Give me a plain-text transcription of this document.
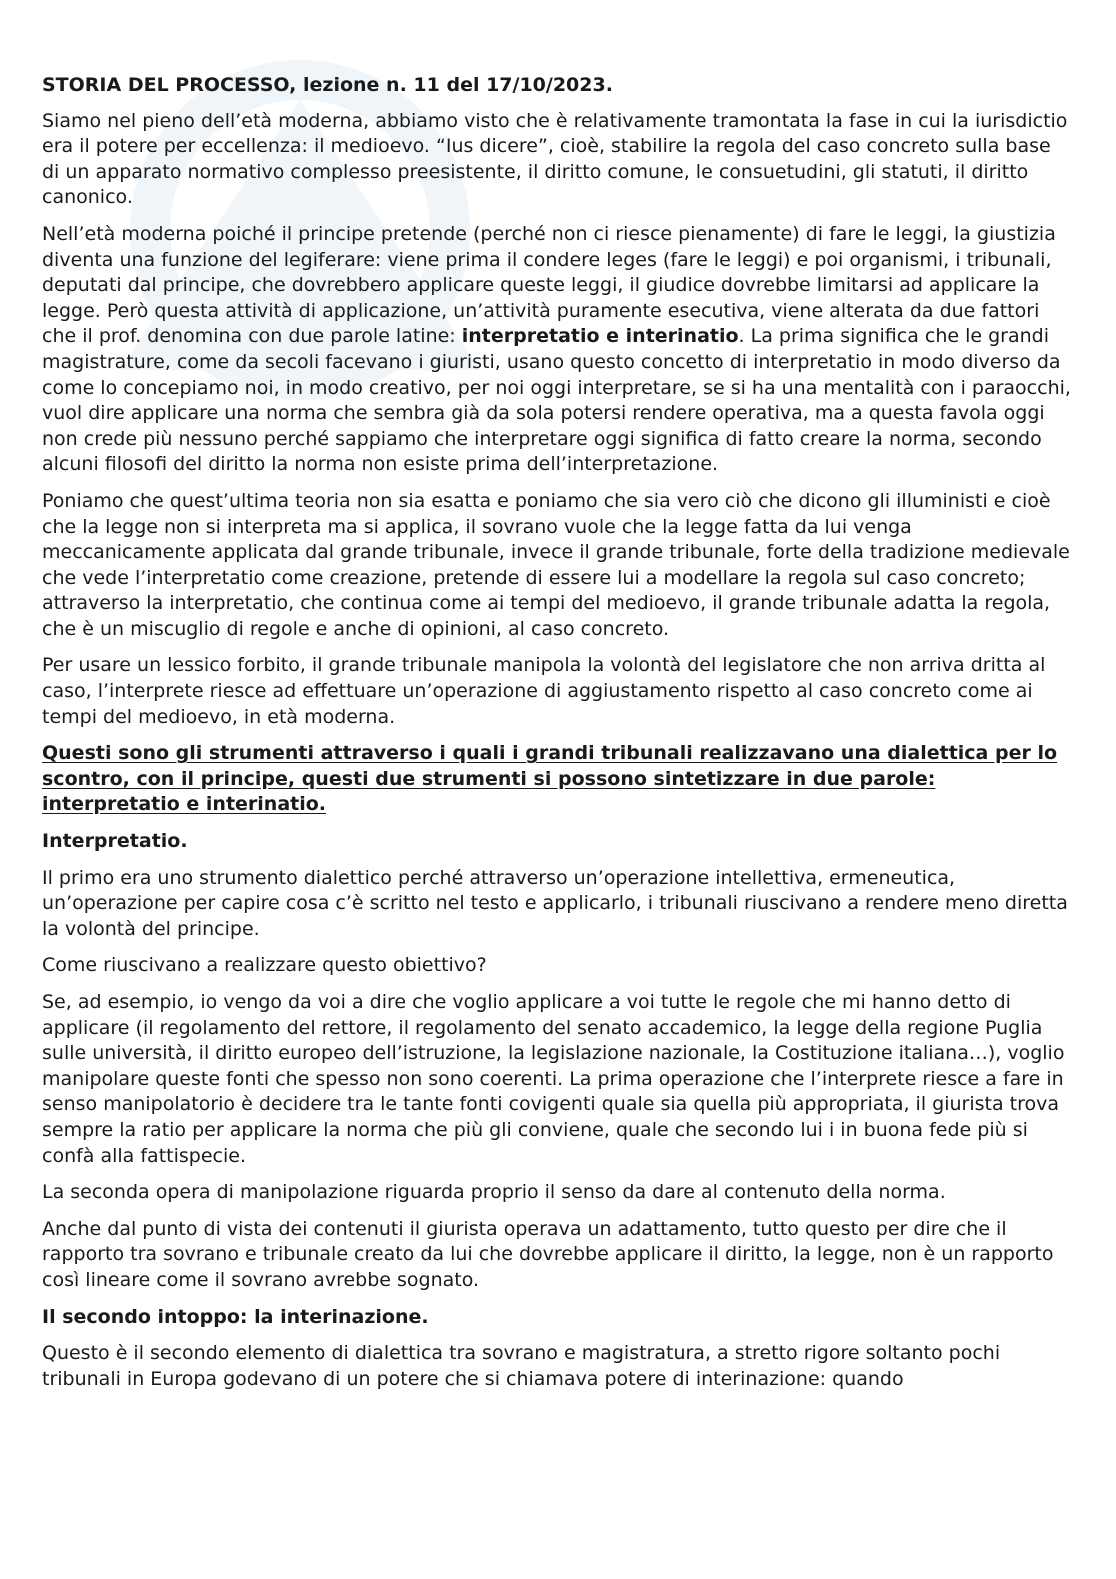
STORIA DEL PROCESSO, lezione n. 11 del 17/10/2023.

Siamo nel pieno dell’età moderna, abbiamo visto che è relativamente tramontata la fase in cui la iurisdictio era il potere per eccellenza: il medioevo. “Ius dicere”, cioè, stabilire la regola del caso concreto sulla base di un apparato normativo complesso preesistente, il diritto comune, le consuetudini, gli statuti, il diritto canonico.

Nell’età moderna poiché il principe pretende (perché non ci riesce pienamente) di fare le leggi, la giustizia diventa una funzione del legiferare: viene prima il condere leges (fare le leggi) e poi organismi, i tribunali, deputati dal principe, che dovrebbero applicare queste leggi, il giudice dovrebbe limitarsi ad applicare la legge. Però questa attività di applicazione, un’attività puramente esecutiva, viene alterata da due fattori che il prof. denomina con due parole latine: interpretatio e interinatio. La prima significa che le grandi magistrature, come da secoli facevano i giuristi, usano questo concetto di interpretatio in modo diverso da come lo concepiamo noi, in modo creativo, per noi oggi interpretare, se si ha una mentalità con i paraocchi, vuol dire applicare una norma che sembra già da sola potersi rendere operativa, ma a questa favola oggi non crede più nessuno perché sappiamo che interpretare oggi significa di fatto creare la norma, secondo alcuni filosofi del diritto la norma non esiste prima dell’interpretazione.

Poniamo che quest’ultima teoria non sia esatta e poniamo che sia vero ciò che dicono gli illuministi e cioè che la legge non si interpreta ma si applica, il sovrano vuole che la legge fatta da lui venga meccanicamente applicata dal grande tribunale, invece il grande tribunale, forte della tradizione medievale che vede l’interpretatio come creazione, pretende di essere lui a modellare la regola sul caso concreto; attraverso la interpretatio, che continua come ai tempi del medioevo, il grande tribunale adatta la regola, che è un miscuglio di regole e anche di opinioni, al caso concreto.

Per usare un lessico forbito, il grande tribunale manipola la volontà del legislatore che non arriva dritta al caso, l’interprete riesce ad effettuare un’operazione di aggiustamento rispetto al caso concreto come ai tempi del medioevo, in età moderna.

Questi sono gli strumenti attraverso i quali i grandi tribunali realizzavano una dialettica per lo scontro, con il principe, questi due strumenti si possono sintetizzare in due parole: interpretatio e interinatio.

Interpretatio.

Il primo era uno strumento dialettico perché attraverso un’operazione intellettiva, ermeneutica, un’operazione per capire cosa c’è scritto nel testo e applicarlo, i tribunali riuscivano a rendere meno diretta la volontà del principe.

Come riuscivano a realizzare questo obiettivo?

Se, ad esempio, io vengo da voi a dire che voglio applicare a voi tutte le regole che mi hanno detto di applicare (il regolamento del rettore, il regolamento del senato accademico, la legge della regione Puglia sulle università, il diritto europeo dell’istruzione, la legislazione nazionale, la Costituzione italiana…), voglio manipolare queste fonti che spesso non sono coerenti. La prima operazione che l’interprete riesce a fare in senso manipolatorio è decidere tra le tante fonti covigenti quale sia quella più appropriata, il giurista trova sempre la ratio per applicare la norma che più gli conviene, quale che secondo lui i in buona fede più si confà alla fattispecie.

La seconda opera di manipolazione riguarda proprio il senso da dare al contenuto della norma.

Anche dal punto di vista dei contenuti il giurista operava un adattamento, tutto questo per dire che il rapporto tra sovrano e tribunale creato da lui che dovrebbe applicare il diritto, la legge, non è un rapporto così lineare come il sovrano avrebbe sognato.

Il secondo intoppo: la interinazione.

Questo è il secondo elemento di dialettica tra sovrano e magistratura, a stretto rigore soltanto pochi tribunali in Europa godevano di un potere che si chiamava potere di interinazione: quando
